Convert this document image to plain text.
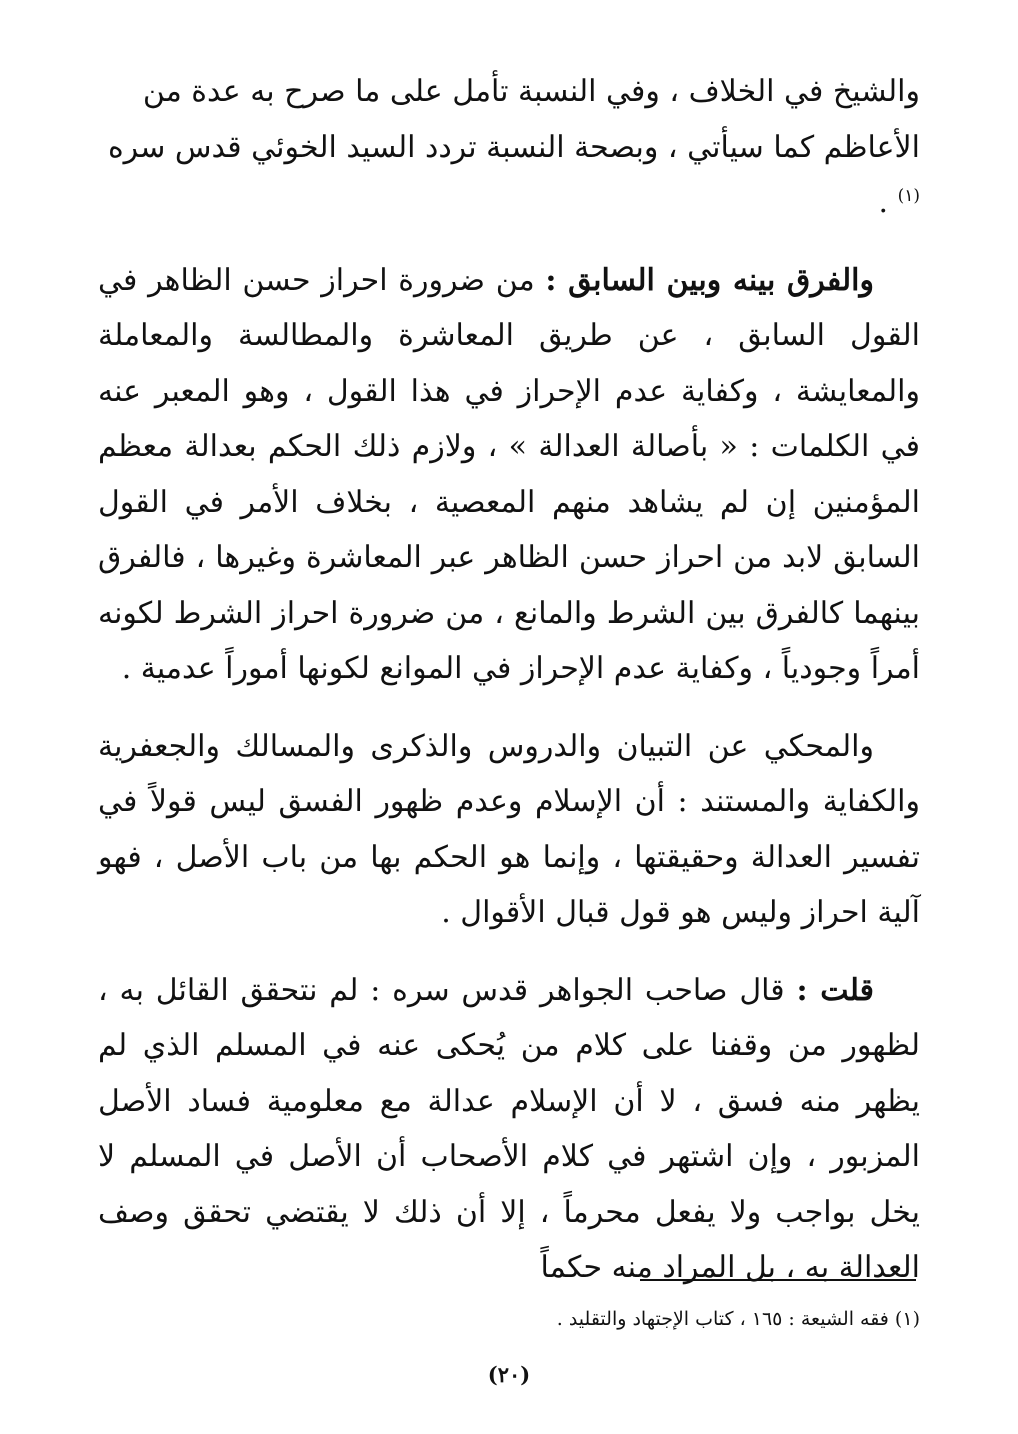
والشيخ في الخلاف ، وفي النسبة تأمل على ما صرح به عدة من الأعاظم كما سيأتي ، وبصحة النسبة تردد السيد الخوئي قدس سره $^{(١)}$ .

والفرق بينه وبين السابق : من ضرورة احراز حسن الظاهر في القول السابق ، عن طريق المعاشرة والمطالسة والمعاملة والمعايشة ، وكفاية عدم الإحراز في هذا القول ، وهو المعبر عنه في الكلمات : « بأصالة العدالة » ، ولازم ذلك الحكم بعدالة معظم المؤمنين إن لم يشاهد منهم المعصية ، بخلاف الأمر في القول السابق لابد من احراز حسن الظاهر عبر المعاشرة وغيرها ، فالفرق بينهما كالفرق بين الشرط والمانع ، من ضرورة احراز الشرط لكونه أمراً وجودياً ، وكفاية عدم الإحراز في الموانع لكونها أموراً عدمية .

والمحكي عن التبيان والدروس والذكرى والمسالك والجعفرية والكفاية والمستند : أن الإسلام وعدم ظهور الفسق ليس قولاً في تفسير العدالة وحقيقتها ، وإنما هو الحكم بها من باب الأصل ، فهو آلية احراز وليس هو قول قبال الأقوال .

قلت : قال صاحب الجواهر قدس سره : لم نتحقق القائل به ، لظهور من وقفنا على كلام من يُحكى عنه في المسلم الذي لم يظهر منه فسق ، لا أن الإسلام عدالة مع معلومية فساد الأصل المزبور ، وإن اشتهر في كلام الأصحاب أن الأصل في المسلم لا يخل بواجب ولا يفعل محرماً ، إلا أن ذلك لا يقتضي تحقق وصف العدالة به ، بل المراد منه حكماً

(١) فقه الشيعة : ١٦٥ ، كتاب الإجتهاد والتقليد .
(٢٠)
